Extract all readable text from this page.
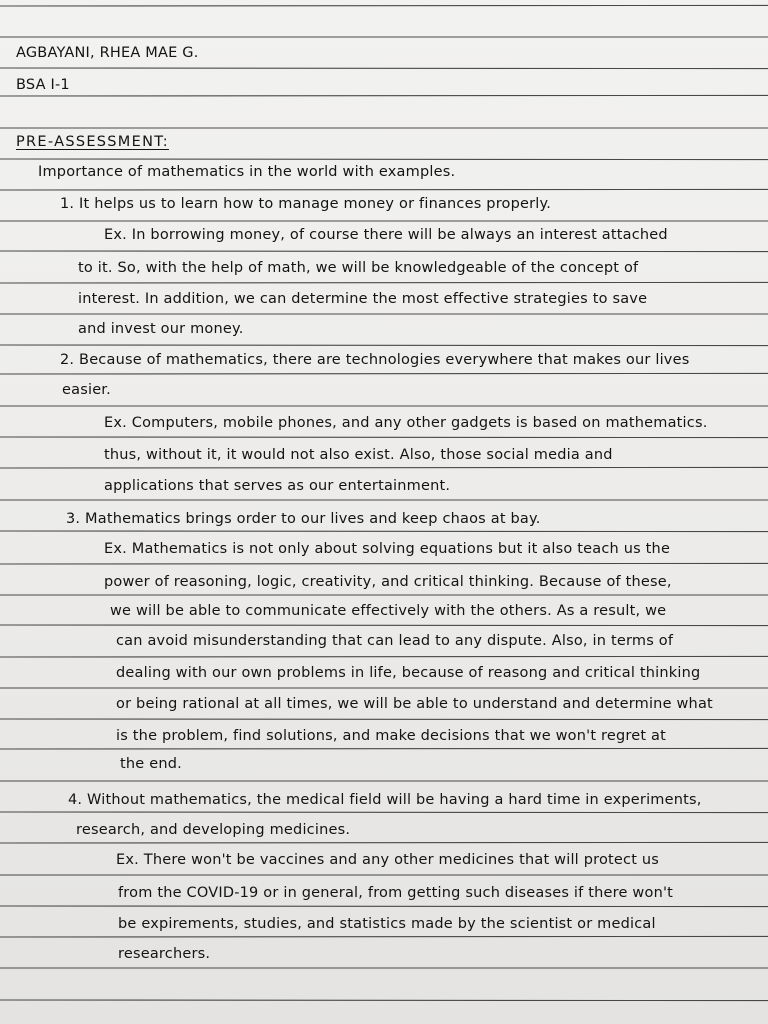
AGBAYANI, RHEA MAE G.
BSA I-1
PRE-ASSESSMENT:
Importance of mathematics in the world with examples.
1. It helps us to learn how to manage money or finances properly.
Ex. In borrowing money, of course there will be always an interest attached
to it. So, with the help of math, we will be knowledgeable of the concept of
interest. In addition, we can determine the most effective strategies to save
and invest our money.
2. Because of mathematics, there are technologies everywhere that makes our lives
easier.
Ex. Computers, mobile phones, and any other gadgets is based on mathematics.
thus, without it, it would not also exist. Also, those social media and
applications that serves as our entertainment.
3. Mathematics brings order to our lives and keep chaos at bay.
Ex. Mathematics is not only about solving equations but it also teach us the
power of reasoning, logic, creativity, and critical thinking. Because of these,
we will be able to communicate effectively with the others. As a result, we
can avoid misunderstanding that can lead to any dispute. Also, in terms of
dealing with our own problems in life, because of reasong and critical thinking
or being rational at all times, we will be able to understand and determine what
is the problem, find solutions, and make decisions that we won't regret at
the end.
4. Without mathematics, the medical field will be having a hard time in experiments,
research, and developing medicines.
Ex. There won't be vaccines and any other medicines that will protect us
from the COVID-19 or in general, from getting such diseases if there won't
be expirements, studies, and statistics made by the scientist or medical
researchers.
